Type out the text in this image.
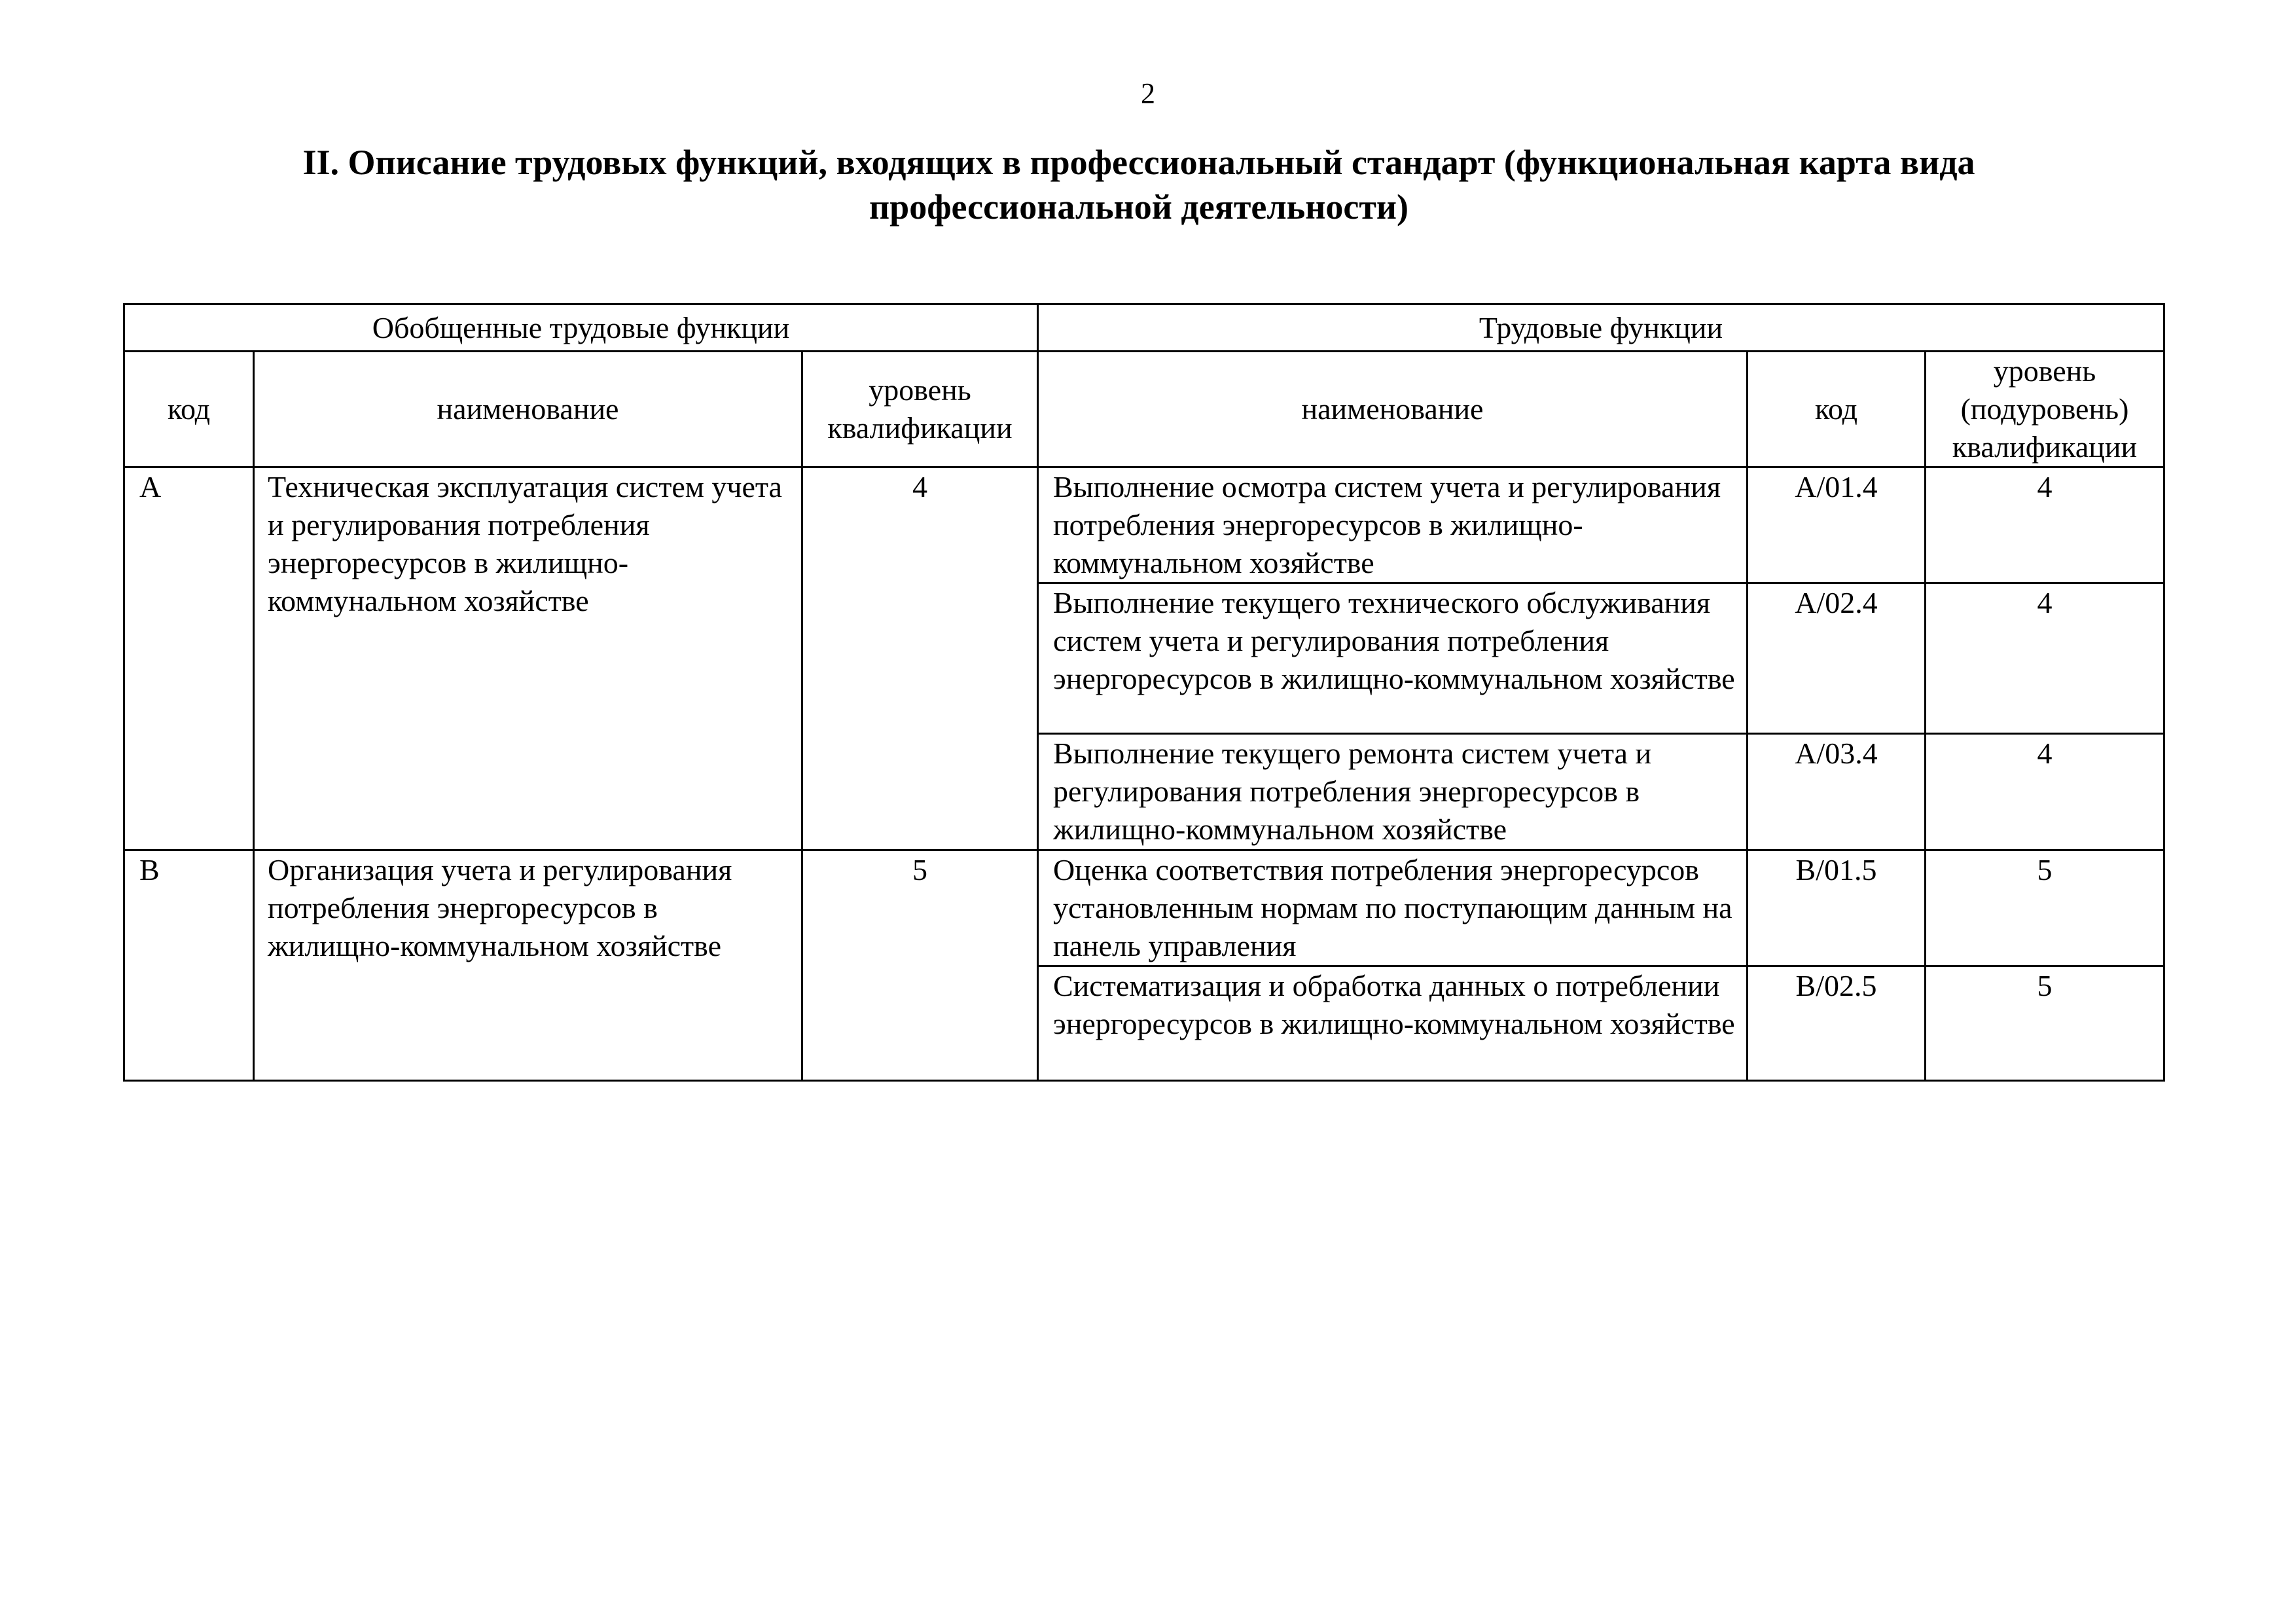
2
II. Описание трудовых функций, входящих в профессиональный стандарт (функциональная карта вида профессиональной деятельности)
Обобщенные трудовые функции			Трудовые функции		
код	наименование	уровень квалификации	наименование	код	уровень (подуровень) квалификации
A	Техническая эксплуатация систем учета и регулирования потребления энергоресурсов в жилищно-коммунальном хозяйстве	4	Выполнение осмотра систем учета и регулирования потребления энергоресурсов в жилищно-коммунальном хозяйстве	A/01.4	4
			Выполнение текущего технического обслуживания систем учета и регулирования потребления энергоресурсов в жилищно-коммунальном хозяйстве	A/02.4	4
			Выполнение текущего ремонта систем учета и регулирования потребления энергоресурсов в жилищно-коммунальном хозяйстве	A/03.4	4
B	Организация учета и регулирования потребления энергоресурсов в жилищно-коммунальном хозяйстве	5	Оценка соответствия потребления энергоресурсов установленным нормам по поступающим данным на панель управления	B/01.5	5
			Систематизация и обработка данных о потреблении энергоресурсов в жилищно-коммунальном хозяйстве	B/02.5	5
